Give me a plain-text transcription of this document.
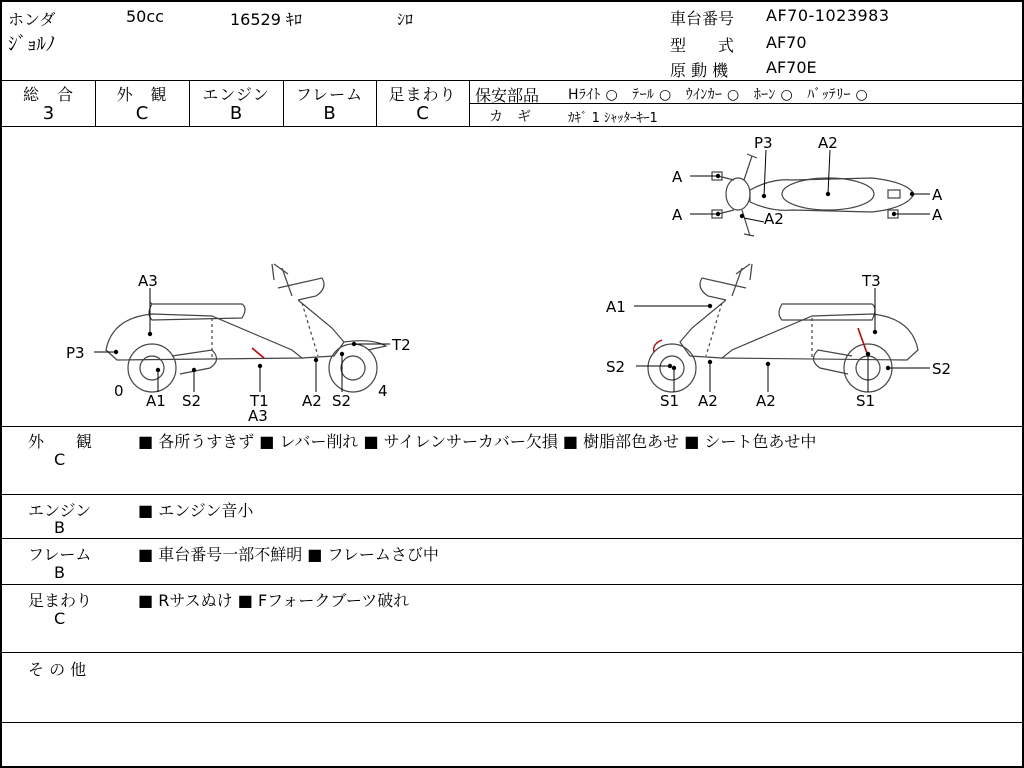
ホンダ	50cc	16529 ｷﾛ	ｼﾛ
ｼﾞｮﾙﾉ
車台番号 AF70-1023983
型　　式 AF70
原 動 機 AF70E
総　合
3
外　観
C
エンジン
B
フレーム
B
足まわり
C
保安部品 Hﾗｲﾄ ○　ﾃｰﾙ ○　ｳｲﾝｶｰ ○　ﾎｰﾝ ○　ﾊﾞｯﾃﾘｰ ○
カ　ギ	ｶｷﾞ 1 ｼｬｯﾀｰｷｰ1
P3	A2
A
A
A
A
A2
A3
P3
0
A1 S2	T1
A3
A2 S2
4
T2
A1
T3
S2
S1 A2	A2	S1
S2
外　　観
C
■ 各所うすきず ■ レバー削れ ■ サイレンサーカバー欠損 ■ 樹脂部色あせ ■ シート色あせ中
エンジン
B
■ エンジン音小
フレーム
B
■ 車台番号一部不鮮明 ■ フレームさび中
足まわり
C
■ Rサスぬけ ■ Fフォークブーツ破れ
そ の 他
